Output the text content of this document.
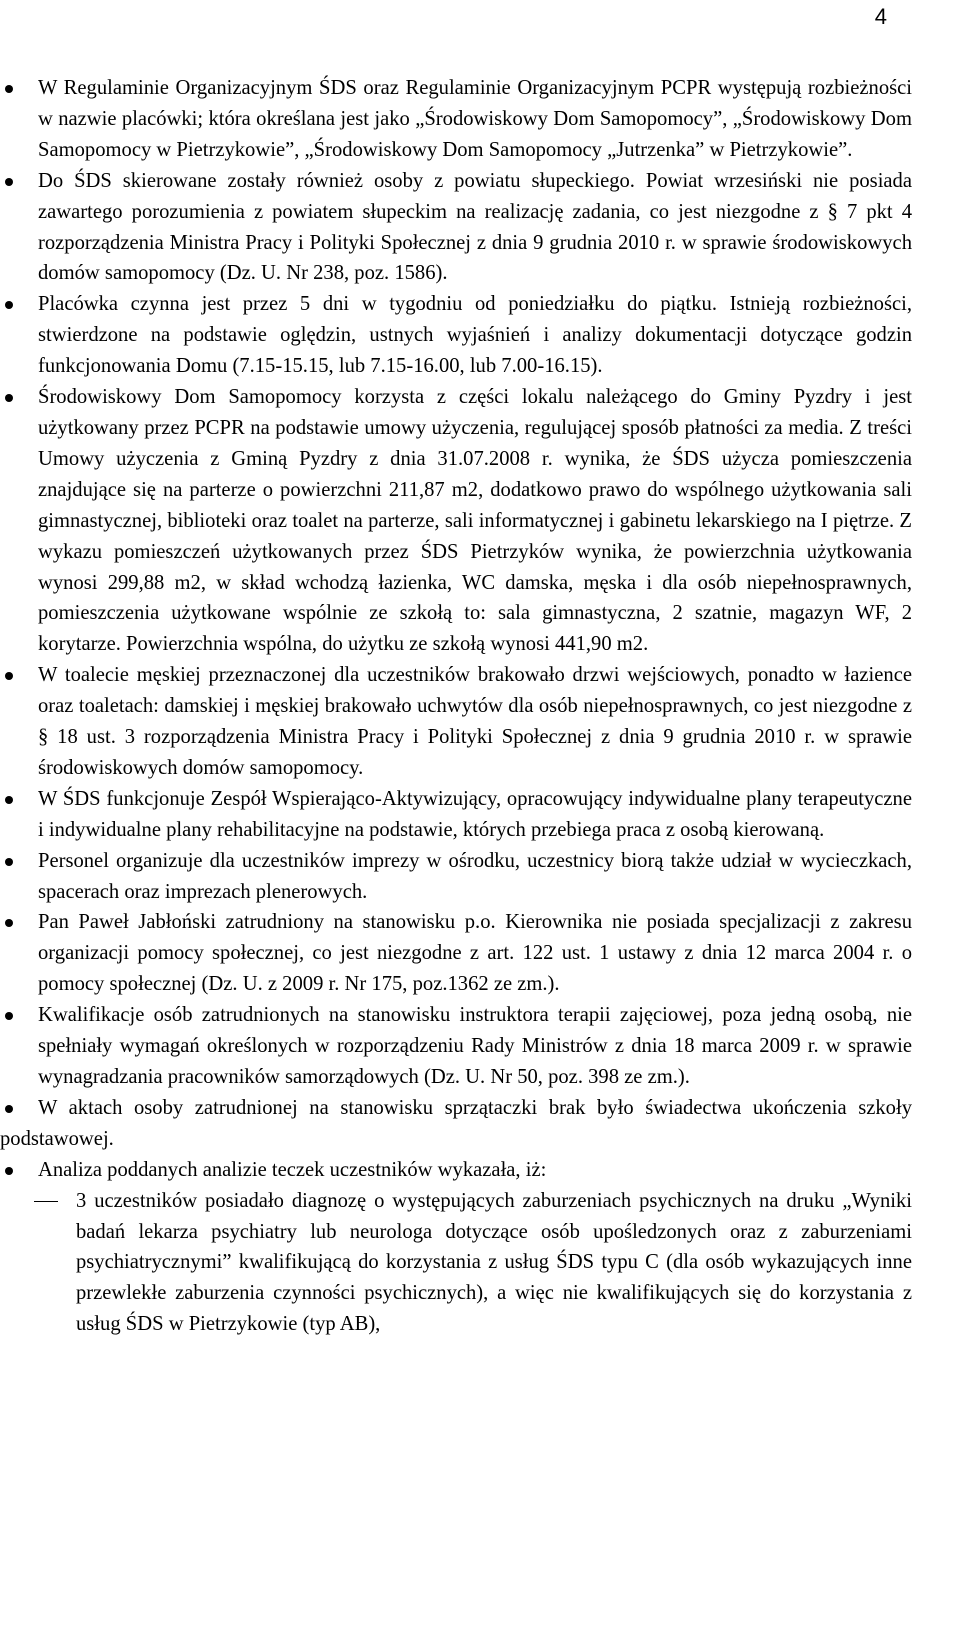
4
W Regulaminie Organizacyjnym ŚDS oraz Regulaminie Organizacyjnym PCPR występują rozbieżności w nazwie placówki; która określana jest jako „Środowiskowy Dom Samopomocy”, „Środowiskowy Dom Samopomocy w Pietrzykowie”, „Środowiskowy Dom Samopomocy „Jutrzenka” w Pietrzykowie”.
Do ŚDS skierowane zostały również osoby z powiatu słupeckiego. Powiat wrzesiński nie posiada zawartego porozumienia z powiatem słupeckim na realizację zadania, co jest niezgodne z § 7 pkt 4 rozporządzenia Ministra Pracy i Polityki Społecznej z dnia 9 grudnia 2010 r. w sprawie środowiskowych domów samopomocy (Dz. U. Nr 238, poz. 1586).
Placówka czynna jest przez 5 dni w tygodniu od poniedziałku do piątku. Istnieją rozbieżności, stwierdzone na podstawie oględzin, ustnych wyjaśnień i analizy dokumentacji dotyczące godzin funkcjonowania Domu (7.15-15.15, lub 7.15-16.00, lub 7.00-16.15).
Środowiskowy Dom Samopomocy korzysta z części lokalu należącego do Gminy Pyzdry i jest użytkowany przez PCPR na podstawie umowy użyczenia, regulującej sposób płatności za media. Z treści Umowy użyczenia z Gminą Pyzdry z dnia 31.07.2008 r. wynika, że ŚDS użycza pomieszczenia znajdujące się na parterze o powierzchni 211,87 m2, dodatkowo prawo do wspólnego użytkowania sali gimnastycznej, biblioteki oraz toalet na parterze, sali informatycznej i gabinetu lekarskiego na I piętrze. Z wykazu pomieszczeń użytkowanych przez ŚDS Pietrzyków wynika, że powierzchnia użytkowania wynosi 299,88 m2, w skład wchodzą łazienka, WC damska, męska i dla osób niepełnosprawnych, pomieszczenia użytkowane wspólnie ze szkołą to: sala gimnastyczna, 2 szatnie, magazyn WF, 2 korytarze. Powierzchnia wspólna, do użytku ze szkołą wynosi 441,90 m2.
W toalecie męskiej przeznaczonej dla uczestników brakowało drzwi wejściowych, ponadto w łazience oraz toaletach: damskiej i męskiej brakowało uchwytów dla osób niepełnosprawnych, co jest niezgodne z § 18 ust. 3 rozporządzenia Ministra Pracy i Polityki Społecznej z dnia 9 grudnia 2010 r. w sprawie środowiskowych domów samopomocy.
W ŚDS funkcjonuje Zespół Wspierająco-Aktywizujący, opracowujący indywidualne plany terapeutyczne i indywidualne plany rehabilitacyjne na podstawie, których przebiega praca z osobą kierowaną.
Personel organizuje dla uczestników imprezy w ośrodku, uczestnicy biorą także udział w wycieczkach, spacerach oraz imprezach plenerowych.
Pan Paweł Jabłoński zatrudniony na stanowisku p.o. Kierownika nie posiada specjalizacji z zakresu organizacji pomocy społecznej, co jest niezgodne z art. 122 ust. 1 ustawy z dnia 12 marca 2004 r. o pomocy społecznej (Dz. U. z 2009 r. Nr 175, poz.1362 ze zm.).
Kwalifikacje osób zatrudnionych na stanowisku instruktora terapii zajęciowej, poza jedną osobą, nie spełniały wymagań określonych w rozporządzeniu Rady Ministrów z dnia 18 marca 2009 r. w sprawie wynagradzania pracowników samorządowych (Dz. U. Nr 50, poz. 398 ze zm.).
W aktach osoby zatrudnionej na stanowisku sprzątaczki brak było świadectwa ukończenia szkoły podstawowej.
Analiza poddanych analizie teczek uczestników wykazała, iż:
3 uczestników posiadało diagnozę o występujących zaburzeniach psychicznych na druku „Wyniki badań lekarza psychiatry lub neurologa dotyczące osób upośledzonych oraz z zaburzeniami psychiatrycznymi” kwalifikującą do korzystania z usług ŚDS typu C (dla osób wykazujących inne przewlekłe zaburzenia czynności psychicznych), a więc nie kwalifikujących się do korzystania z usług ŚDS w Pietrzykowie (typ AB),
